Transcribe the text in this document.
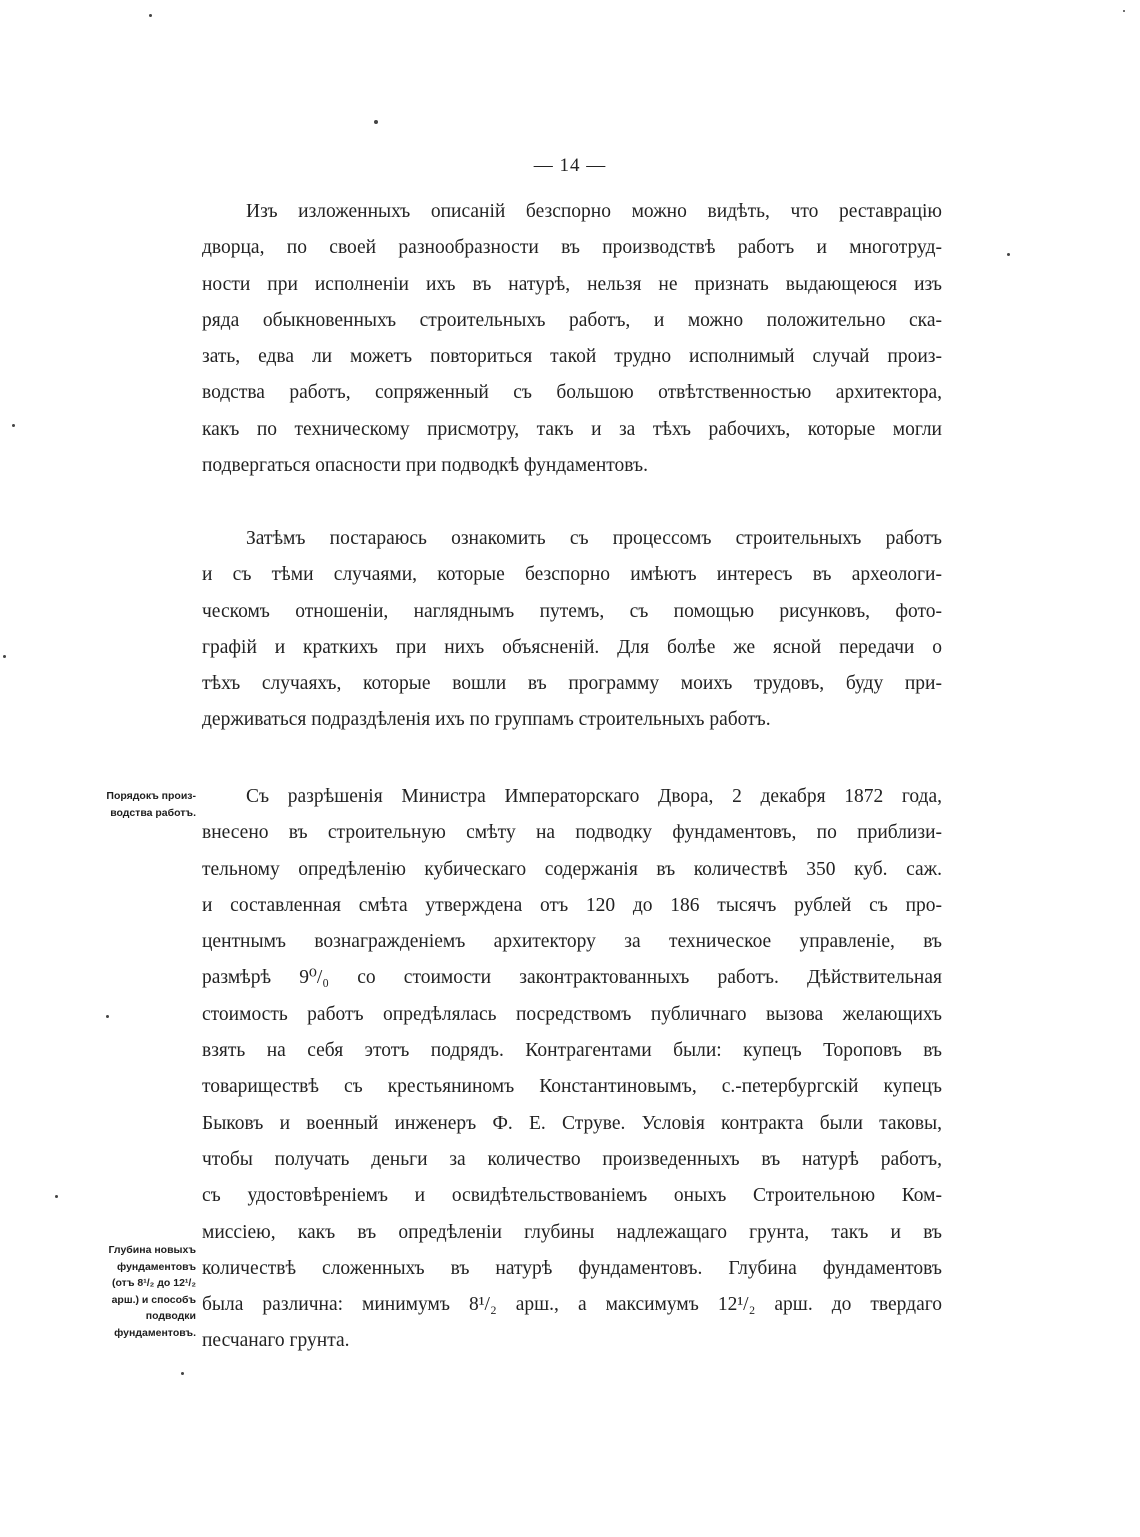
— 14 —
Изъ изложенныхъ описаній безспорно можно видѣть, что реставрацію
дворца, по своей разнообразности въ производствѣ работъ и многотруд-
ности при исполненіи ихъ въ натурѣ, нельзя не признать выдающеюся изъ
ряда обыкновенныхъ строительныхъ работъ, и можно положительно ска-
зать, едва ли можетъ повториться такой трудно исполнимый случай произ-
водства работъ, сопряженный съ большою отвѣтственностью архитектора,
какъ по техническому присмотру, такъ и за тѣхъ рабочихъ, которые могли
подвергаться опасности при подводкѣ фундаментовъ.
Затѣмъ постараюсь ознакомить съ процессомъ строительныхъ работъ
и съ тѣми случаями, которые безспорно имѣютъ интересъ въ археологи-
ческомъ отношеніи, нагляднымъ путемъ, съ помощью рисунковъ, фото-
графій и краткихъ при нихъ объясненій. Для болѣе же ясной передачи о
тѣхъ случаяхъ, которые вошли въ программу моихъ трудовъ, буду при-
держиваться подраздѣленія ихъ по группамъ строительныхъ работъ.
Съ разрѣшенія Министра Императорскаго Двора, 2 декабря 1872 года,
внесено въ строительную смѣту на подводку фундаментовъ, по приблизи-
тельному опредѣленію кубическаго содержанія въ количествѣ 350 куб. саж.
и составленная смѣта утверждена отъ 120 до 186 тысячъ рублей съ про-
центнымъ вознагражденіемъ архитектору за техническое управленіе, въ
размѣрѣ 9⁰/₀ со стоимости законтрактованныхъ работъ. Дѣйствительная
стоимость работъ опредѣлялась посредствомъ публичнаго вызова желающихъ
взять на себя этотъ подрядъ. Контрагентами были: купецъ Тороповъ въ
товариществѣ съ крестьяниномъ Константиновымъ, с.-петербургскій купецъ
Быковъ и военный инженеръ Ф. Е. Струве. Условія контракта были таковы,
чтобы получать деньги за количество произведенныхъ въ натурѣ работъ,
съ удостовѣреніемъ и освидѣтельствованіемъ оныхъ Строительною Ком-
миссіею, какъ въ опредѣленіи глубины надлежащаго грунта, такъ и въ
количествѣ сложенныхъ въ натурѣ фундаментовъ. Глубина фундаментовъ
была различна: минимумъ 8¹/₂ арш., а максимумъ 12¹/₂ арш. до твердаго
песчанаго грунта.
Порядокъ произ-
водства работъ.
Глубина новыхъ
фундаментовъ
(отъ 8¹/₂ до 12¹/₂
арш.) и способъ
подводки
фундаментовъ.
